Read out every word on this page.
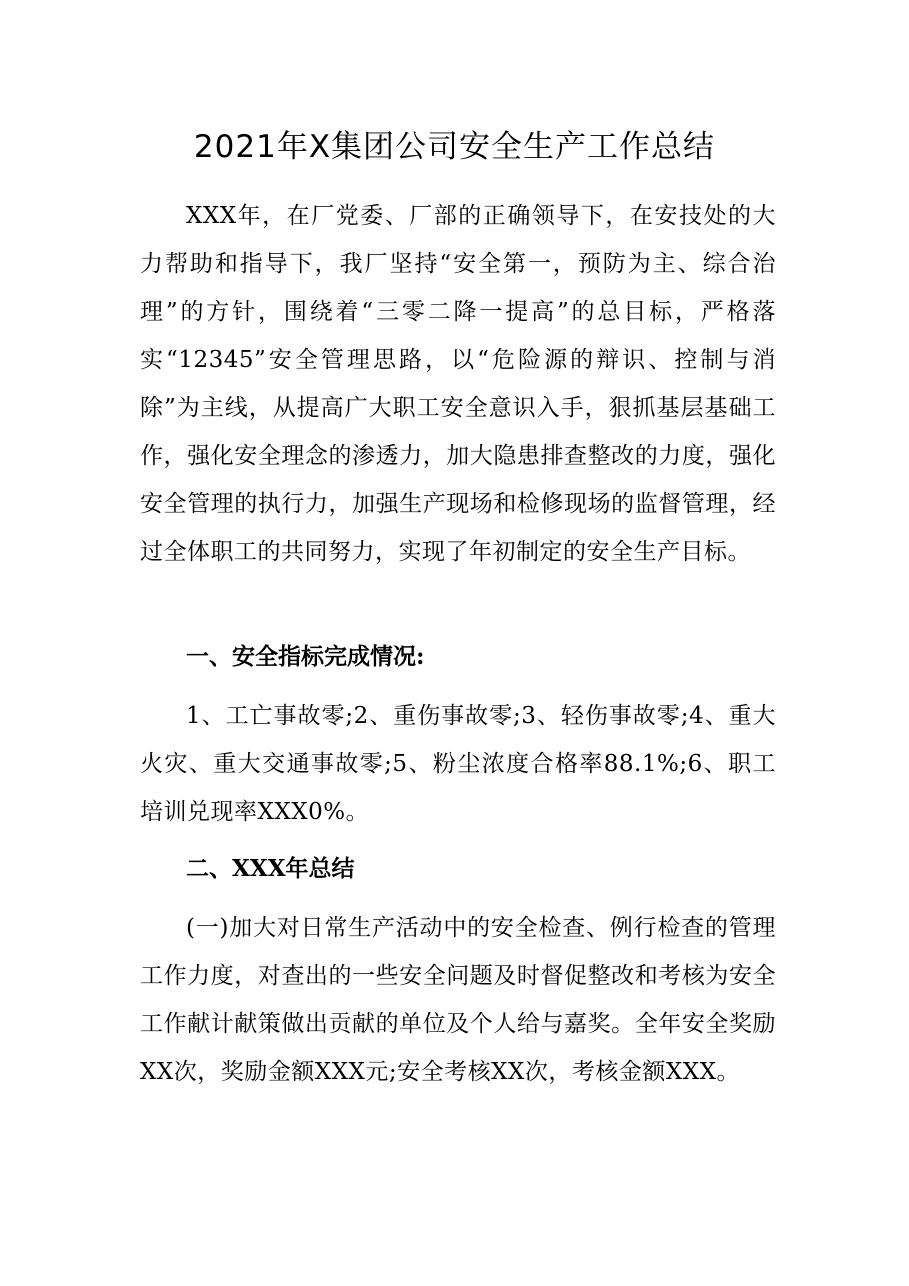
2021年X集团公司安全生产工作总结

XXX年，在厂党委、厂部的正确领导下，在安技处的大力帮助和指导下，我厂坚持“安全第一，预防为主、综合治理”的方针，围绕着“三零二降一提高”的总目标，严格落实“12345”安全管理思路，以“危险源的辩识、控制与消除”为主线，从提高广大职工安全意识入手，狠抓基层基础工作，强化安全理念的渗透力，加大隐患排查整改的力度，强化安全管理的执行力，加强生产现场和检修现场的监督管理，经过全体职工的共同努力，实现了年初制定的安全生产目标。

一、安全指标完成情况:

1、工亡事故零;2、重伤事故零;3、轻伤事故零;4、重大火灾、重大交通事故零;5、粉尘浓度合格率88.1%;6、职工培训兑现率XXX0%。

二、XXX年总结

(一)加大对日常生产活动中的安全检查、例行检查的管理工作力度，对查出的一些安全问题及时督促整改和考核为安全工作献计献策做出贡献的单位及个人给与嘉奖。全年安全奖励XX次，奖励金额XXX元;安全考核XX次，考核金额XXX。
